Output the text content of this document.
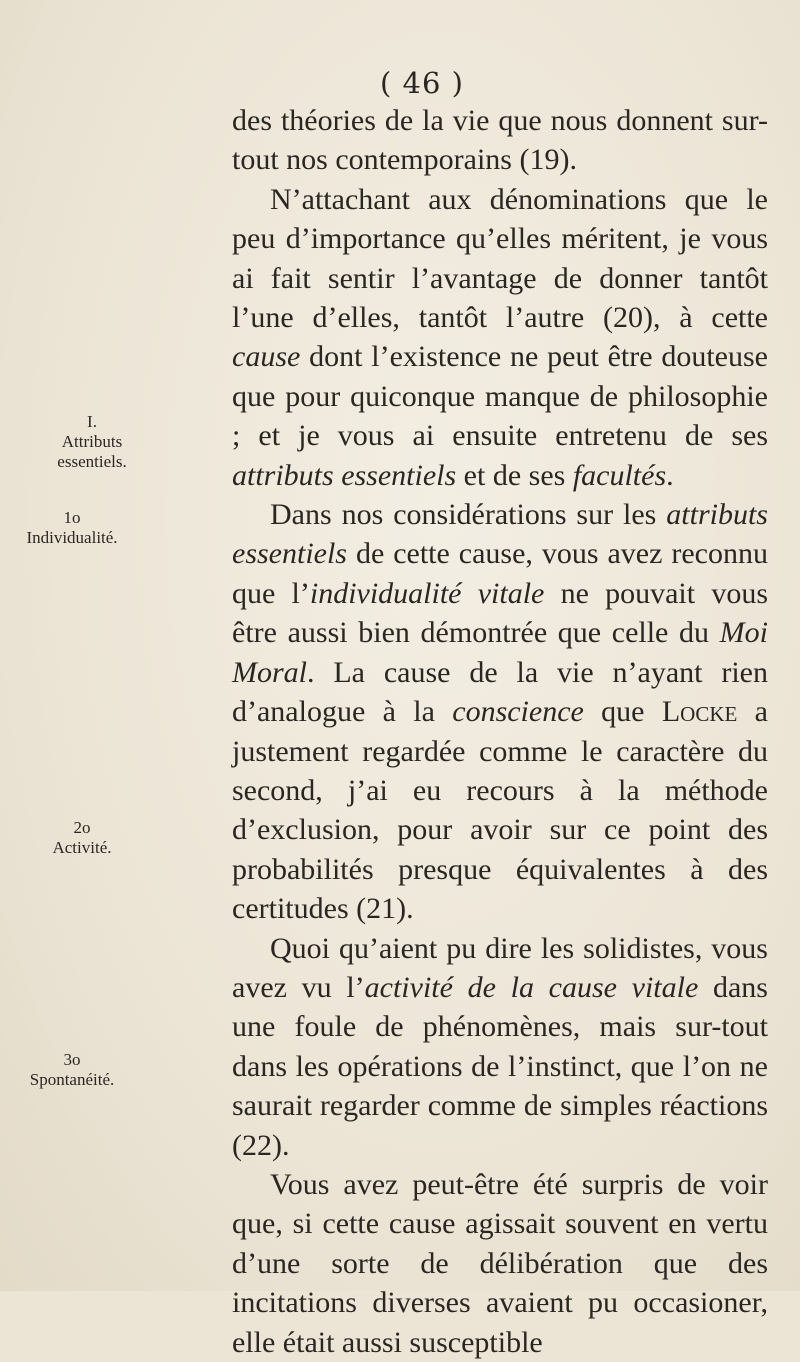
( 46 )
I.
Attributs essentiels.
1o
Individualité.
2o
Activité.
3o
Spontanéité.

des théories de la vie que nous donnent sur-tout nos contemporains (19).

N’attachant aux dénominations que le peu d’importance qu’elles méritent, je vous ai fait sentir l’avantage de donner tantôt l’une d’elles, tantôt l’autre (20), à cette cause dont l’existence ne peut être douteuse que pour quiconque manque de philosophie ; et je vous ai ensuite entretenu de ses attributs essentiels et de ses facultés.

Dans nos considérations sur les attributs essentiels de cette cause, vous avez reconnu que l’individualité vitale ne pouvait vous être aussi bien démontrée que celle du Moi Moral. La cause de la vie n’ayant rien d’analogue à la conscience que Locke a justement regardée comme le caractère du second, j’ai eu recours à la méthode d’exclusion, pour avoir sur ce point des probabilités presque équivalentes à des certitudes (21).

Quoi qu’aient pu dire les solidistes, vous avez vu l’activité de la cause vitale dans une foule de phénomènes, mais sur-tout dans les opérations de l’instinct, que l’on ne saurait regarder comme de simples réactions (22).

Vous avez peut-être été surpris de voir que, si cette cause agissait souvent en vertu d’une sorte de délibération que des incitations diverses avaient pu occasioner, elle était aussi susceptible
